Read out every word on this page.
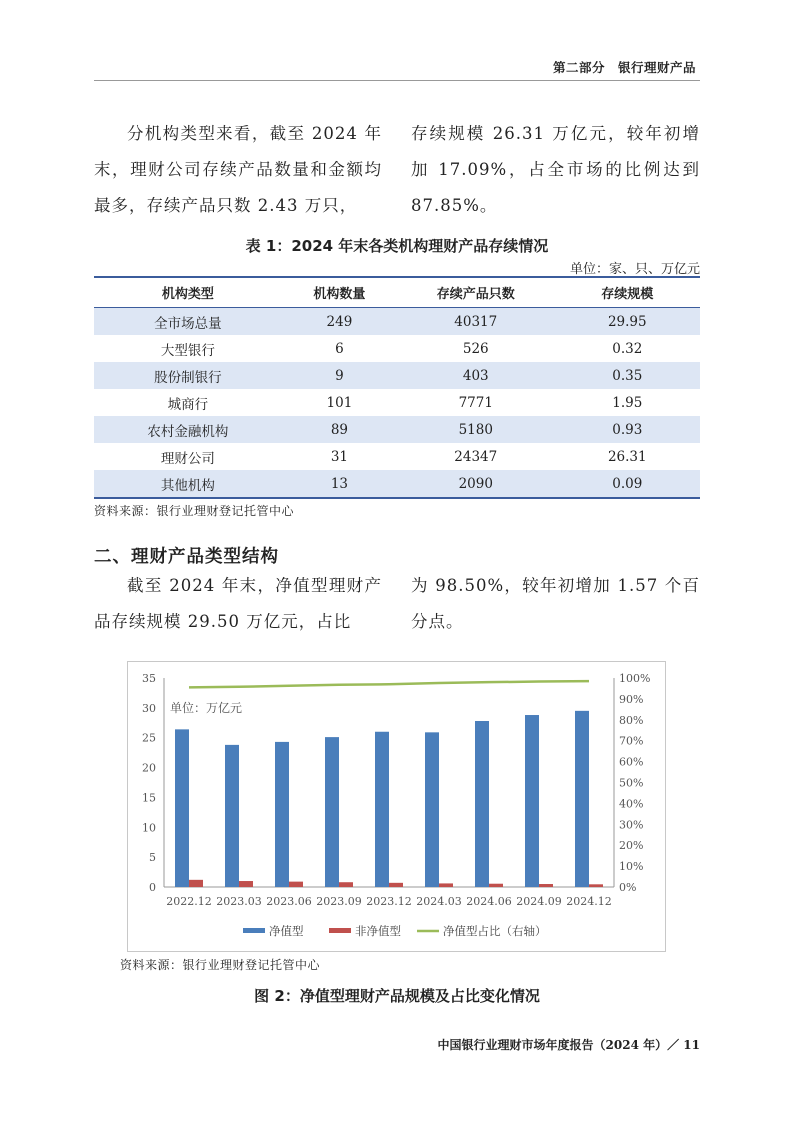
第二部分　银行理财产品

分机构类型来看，截至 2024 年末，理财公司存续产品数量和金额均最多，存续产品只数 2.43 万只，

存续规模 26.31 万亿元，较年初增加 17.09%，占全市场的比例达到 87.85%。

表 1：2024 年末各类机构理财产品存续情况
单位：家、只、万亿元
机构类型	机构数量	存续产品只数	存续规模
全市场总量	249	40317	29.95
大型银行	6	526	0.32
股份制银行	9	403	0.35
城商行	101	7771	1.95
农村金融机构	89	5180	0.93
理财公司	31	24347	26.31
其他机构	13	2090	0.09
资料来源：银行业理财登记托管中心
二、理财产品类型结构

截至 2024 年末，净值型理财产品存续规模 29.50 万亿元，占比

为 98.50%，较年初增加 1.57 个百分点。

0
5
10
15
20
25
30
35
0%
10%
20%
30%
40%
50%
60%
70%
80%
90%
100%
2022.12 2023.03 2023.06 2023.09 2023.12 2024.03 2024.06 2024.09 2024.12
单位：万亿元
净值型	非净值型	净值型占比（右轴）
资料来源：银行业理财登记托管中心
图 2：净值型理财产品规模及占比变化情况
中国银行业理财市场年度报告（2024 年）／ 11
